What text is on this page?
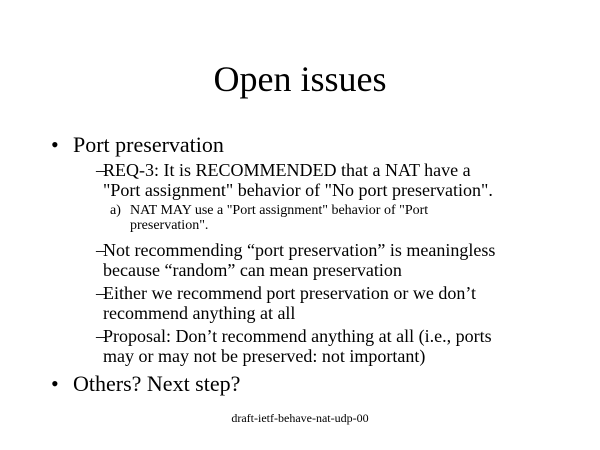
Open issues
• Port preservation
–
REQ-3: It is RECOMMENDED that a NAT have a
"Port assignment" behavior of "No port preservation".
a) NAT MAY use a "Port assignment" behavior of "Port
preservation".
–
Not recommending “port preservation” is meaningless
because “random” can mean preservation
–
Either we recommend port preservation or we don’t
recommend anything at all
–
Proposal: Don’t recommend anything at all (i.e., ports
may or may not be preserved: not important)
• Others? Next step?
draft-ietf-behave-nat-udp-00
